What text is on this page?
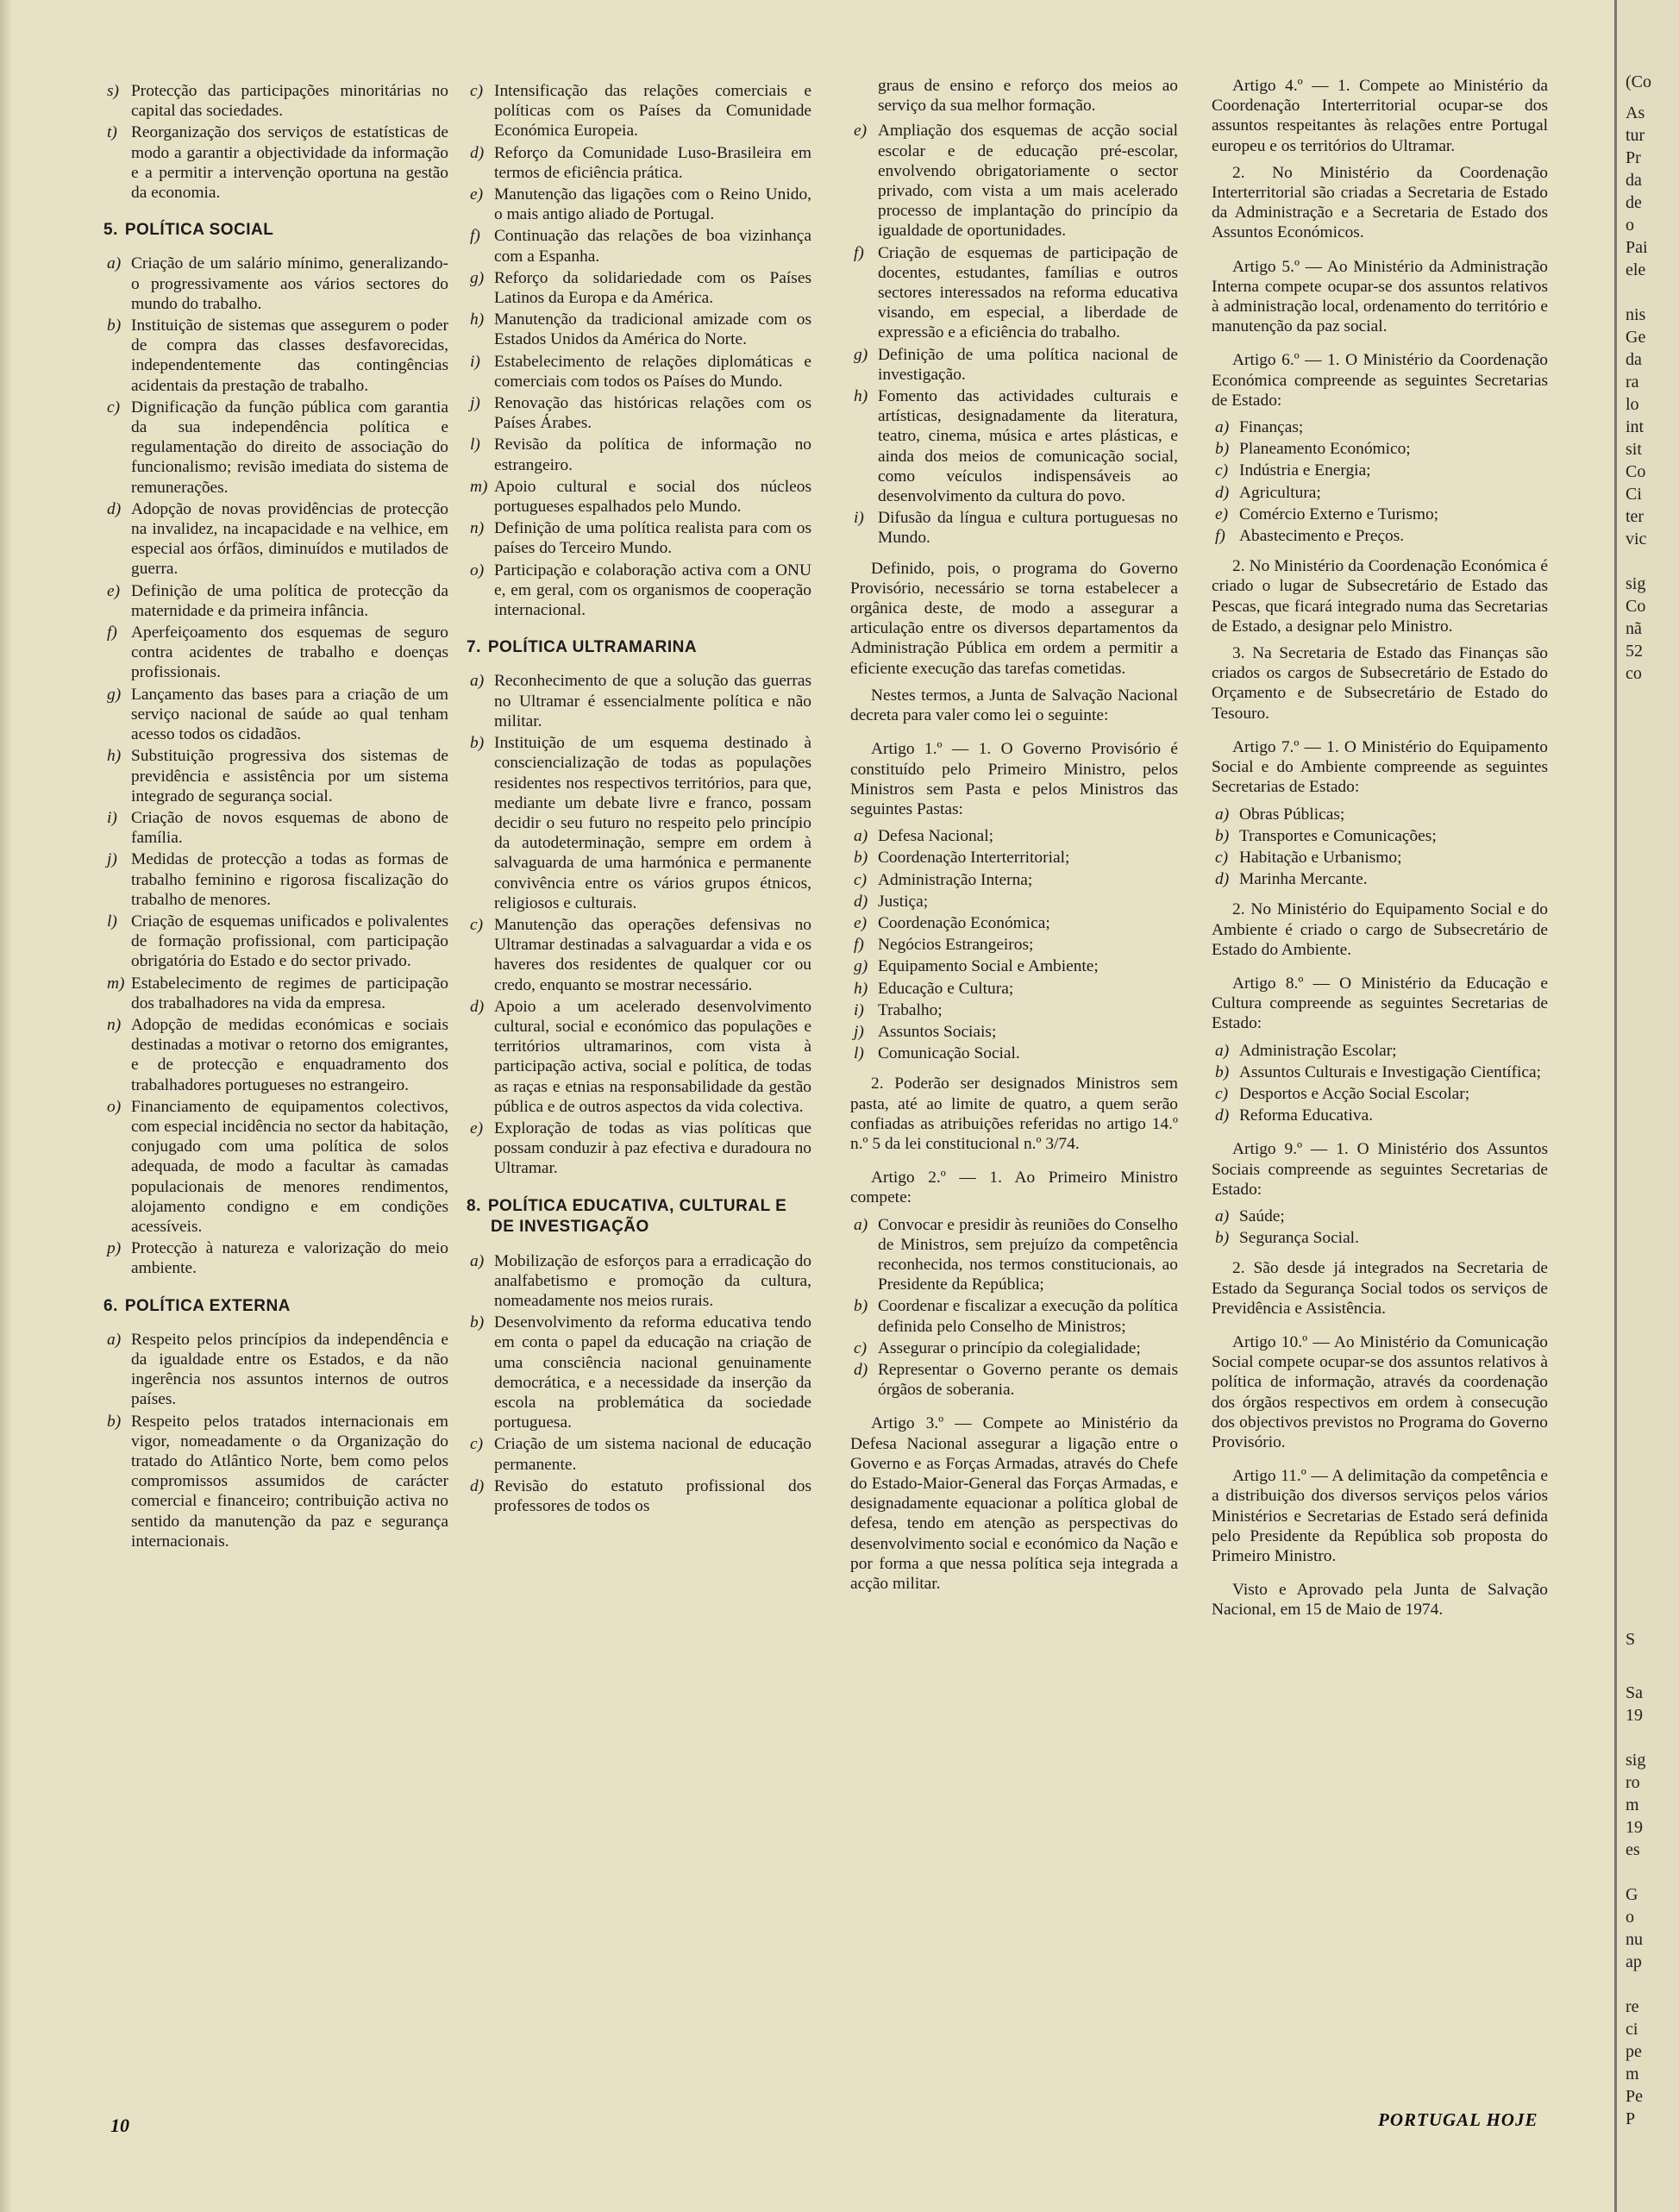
s) Protecção das participações minoritárias no capital das sociedades.
t) Reorganização dos serviços de estatísticas de modo a garantir a objectividade da informação e a permitir a intervenção oportuna na gestão da economia.
5. POLÍTICA SOCIAL
a) Criação de um salário mínimo, generalizando-o progressivamente aos vários sectores do mundo do trabalho.
b) Instituição de sistemas que assegurem o poder de compra das classes desfavorecidas, independentemente das contingências acidentais da prestação de trabalho.
c) Dignificação da função pública com garantia da sua independência política e regulamentação do direito de associação do funcionalismo; revisão imediata do sistema de remunerações.
d) Adopção de novas providências de protecção na invalidez, na incapacidade e na velhice, em especial aos órfãos, diminuídos e mutilados de guerra.
e) Definição de uma política de protecção da maternidade e da primeira infância.
f) Aperfeiçoamento dos esquemas de seguro contra acidentes de trabalho e doenças profissionais.
g) Lançamento das bases para a criação de um serviço nacional de saúde ao qual tenham acesso todos os cidadãos.
h) Substituição progressiva dos sistemas de previdência e assistência por um sistema integrado de segurança social.
i) Criação de novos esquemas de abono de família.
j) Medidas de protecção a todas as formas de trabalho feminino e rigorosa fiscalização do trabalho de menores.
l) Criação de esquemas unificados e polivalentes de formação profissional, com participação obrigatória do Estado e do sector privado.
m) Estabelecimento de regimes de participação dos trabalhadores na vida da empresa.
n) Adopção de medidas económicas e sociais destinadas a motivar o retorno dos emigrantes, e de protecção e enquadramento dos trabalhadores portugueses no estrangeiro.
o) Financiamento de equipamentos colectivos, com especial incidência no sector da habitação, conjugado com uma política de solos adequada, de modo a facultar às camadas populacionais de menores rendimentos, alojamento condigno e em condições acessíveis.
p) Protecção à natureza e valorização do meio ambiente.
6. POLÍTICA EXTERNA
a) Respeito pelos princípios da independência e da igualdade entre os Estados, e da não ingerência nos assuntos internos de outros países.
b) Respeito pelos tratados internacionais em vigor, nomeadamente o da Organização do tratado do Atlântico Norte, bem como pelos compromissos assumidos de carácter comercial e financeiro; contribuição activa no sentido da manutenção da paz e segurança internacionais.
c) Intensificação das relações comerciais e políticas com os Países da Comunidade Económica Europeia.
d) Reforço da Comunidade Luso-Brasileira em termos de eficiência prática.
e) Manutenção das ligações com o Reino Unido, o mais antigo aliado de Portugal.
f) Continuação das relações de boa vizinhança com a Espanha.
g) Reforço da solidariedade com os Países Latinos da Europa e da América.
h) Manutenção da tradicional amizade com os Estados Unidos da América do Norte.
i) Estabelecimento de relações diplomáticas e comerciais com todos os Países do Mundo.
j) Renovação das históricas relações com os Países Árabes.
l) Revisão da política de informação no estrangeiro.
m) Apoio cultural e social dos núcleos portugueses espalhados pelo Mundo.
n) Definição de uma política realista para com os países do Terceiro Mundo.
o) Participação e colaboração activa com a ONU e, em geral, com os organismos de cooperação internacional.
7. POLÍTICA ULTRAMARINA
a) Reconhecimento de que a solução das guerras no Ultramar é essencialmente política e não militar.
b) Instituição de um esquema destinado à consciencialização de todas as populações residentes nos respectivos territórios, para que, mediante um debate livre e franco, possam decidir o seu futuro no respeito pelo princípio da autodeterminação, sempre em ordem à salvaguarda de uma harmónica e permanente convivência entre os vários grupos étnicos, religiosos e culturais.
c) Manutenção das operações defensivas no Ultramar destinadas a salvaguardar a vida e os haveres dos residentes de qualquer cor ou credo, enquanto se mostrar necessário.
d) Apoio a um acelerado desenvolvimento cultural, social e económico das populações e territórios ultramarinos, com vista à participação activa, social e política, de todas as raças e etnias na responsabilidade da gestão pública e de outros aspectos da vida colectiva.
e) Exploração de todas as vias políticas que possam conduzir à paz efectiva e duradoura no Ultramar.
8. POLÍTICA EDUCATIVA, CULTURAL E DE INVESTIGAÇÃO
a) Mobilização de esforços para a erradicação do analfabetismo e promoção da cultura, nomeadamente nos meios rurais.
b) Desenvolvimento da reforma educativa tendo em conta o papel da educação na criação de uma consciência nacional genuinamente democrática, e a necessidade da inserção da escola na problemática da sociedade portuguesa.
c) Criação de um sistema nacional de educação permanente.
d) Revisão do estatuto profissional dos professores de todos os
graus de ensino e reforço dos meios ao serviço da sua melhor formação.
e) Ampliação dos esquemas de acção social escolar e de educação pré-escolar, envolvendo obrigatoriamente o sector privado, com vista a um mais acelerado processo de implantação do princípio da igualdade de oportunidades.
f) Criação de esquemas de participação de docentes, estudantes, famílias e outros sectores interessados na reforma educativa visando, em especial, a liberdade de expressão e a eficiência do trabalho.
g) Definição de uma política nacional de investigação.
h) Fomento das actividades culturais e artísticas, designadamente da literatura, teatro, cinema, música e artes plásticas, e ainda dos meios de comunicação social, como veículos indispensáveis ao desenvolvimento da cultura do povo.
i) Difusão da língua e cultura portuguesas no Mundo.

Definido, pois, o programa do Governo Provisório, necessário se torna estabelecer a orgânica deste, de modo a assegurar a articulação entre os diversos departamentos da Administração Pública em ordem a permitir a eficiente execução das tarefas cometidas.

Nestes termos, a Junta de Salvação Nacional decreta para valer como lei o seguinte:

Artigo 1.º — 1. O Governo Provisório é constituído pelo Primeiro Ministro, pelos Ministros sem Pasta e pelos Ministros das seguintes Pastas:

a) Defesa Nacional;
b) Coordenação Interterritorial;
c) Administração Interna;
d) Justiça;
e) Coordenação Económica;
f) Negócios Estrangeiros;
g) Equipamento Social e Ambiente;
h) Educação e Cultura;
i) Trabalho;
j) Assuntos Sociais;
l) Comunicação Social.

2. Poderão ser designados Ministros sem pasta, até ao limite de quatro, a quem serão confiadas as atribuições referidas no artigo 14.º n.º 5 da lei constitucional n.º 3/74.

Artigo 2.º — 1. Ao Primeiro Ministro compete:

a) Convocar e presidir às reuniões do Conselho de Ministros, sem prejuízo da competência reconhecida, nos termos constitucionais, ao Presidente da República;
b) Coordenar e fiscalizar a execução da política definida pelo Conselho de Ministros;
c) Assegurar o princípio da colegialidade;
d) Representar o Governo perante os demais órgãos de soberania.

Artigo 3.º — Compete ao Ministério da Defesa Nacional assegurar a ligação entre o Governo e as Forças Armadas, através do Chefe do Estado-Maior-General das Forças Armadas, e designadamente equacionar a política global de defesa, tendo em atenção as perspectivas do desenvolvimento social e económico da Nação e por forma a que nessa política seja integrada a acção militar.

Artigo 4.º — 1. Compete ao Ministério da Coordenação Interterritorial ocupar-se dos assuntos respeitantes às relações entre Portugal europeu e os territórios do Ultramar.

2. No Ministério da Coordenação Interterritorial são criadas a Secretaria de Estado da Administração e a Secretaria de Estado dos Assuntos Económicos.

Artigo 5.º — Ao Ministério da Administração Interna compete ocupar-se dos assuntos relativos à administração local, ordenamento do território e manutenção da paz social.

Artigo 6.º — 1. O Ministério da Coordenação Económica compreende as seguintes Secretarias de Estado:

a) Finanças;
b) Planeamento Económico;
c) Indústria e Energia;
d) Agricultura;
e) Comércio Externo e Turismo;
f) Abastecimento e Preços.

2. No Ministério da Coordenação Económica é criado o lugar de Subsecretário de Estado das Pescas, que ficará integrado numa das Secretarias de Estado, a designar pelo Ministro.

3. Na Secretaria de Estado das Finanças são criados os cargos de Subsecretário de Estado do Orçamento e de Subsecretário de Estado do Tesouro.

Artigo 7.º — 1. O Ministério do Equipamento Social e do Ambiente compreende as seguintes Secretarias de Estado:

a) Obras Públicas;
b) Transportes e Comunicações;
c) Habitação e Urbanismo;
d) Marinha Mercante.

2. No Ministério do Equipamento Social e do Ambiente é criado o cargo de Subsecretário de Estado do Ambiente.

Artigo 8.º — O Ministério da Educação e Cultura compreende as seguintes Secretarias de Estado:

a) Administração Escolar;
b) Assuntos Culturais e Investigação Científica;
c) Desportos e Acção Social Escolar;
d) Reforma Educativa.

Artigo 9.º — 1. O Ministério dos Assuntos Sociais compreende as seguintes Secretarias de Estado:

a) Saúde;
b) Segurança Social.

2. São desde já integrados na Secretaria de Estado da Segurança Social todos os serviços de Previdência e Assistência.

Artigo 10.º — Ao Ministério da Comunicação Social compete ocupar-se dos assuntos relativos à política de informação, através da coordenação dos órgãos respectivos em ordem à consecução dos objectivos previstos no Programa do Governo Provisório.

Artigo 11.º — A delimitação da competência e a distribuição dos diversos serviços pelos vários Ministérios e Secretarias de Estado será definida pelo Presidente da República sob proposta do Primeiro Ministro.

Visto e Aprovado pela Junta de Salvação Nacional, em 15 de Maio de 1974.

10	PORTUGAL HOJE
(Co
As
tur
Pr
da
de
o
Pai
ele
nis
Ge
da
ra
lo
int
sit
Co
Ci
ter
vic
sig
Co
nã
52
co
S
Sa
19
sig
ro
m
19
es
G
o
nu
ap
re
ci
pe
m
Pe
P
